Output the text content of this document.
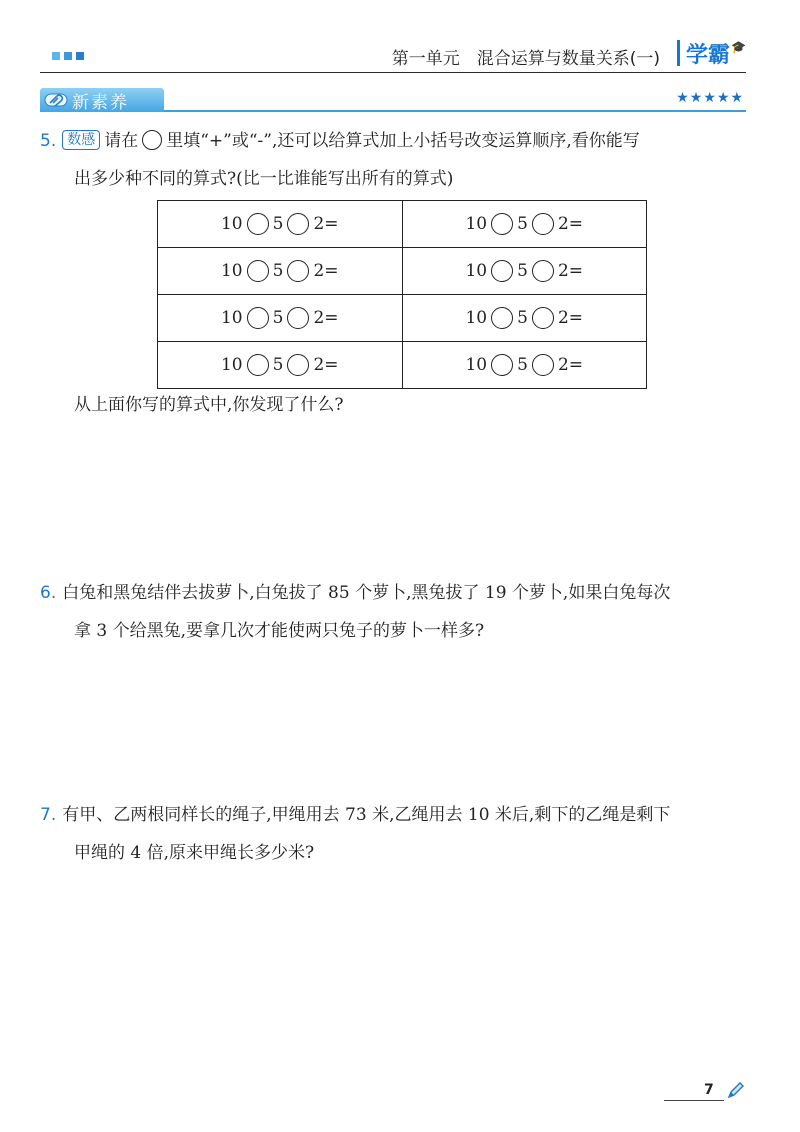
第一单元　混合运算与数量关系(一) 学霸 🎓
新素养	★★★★★
5. 数感 请在 里填“+”或“-”,还可以给算式加上小括号改变运算顺序,看你能写
出多少种不同的算式?(比一比谁能写出所有的算式)
10 5 2=	10 5 2=

10 5 2=	10 5 2=

10 5 2=	10 5 2=

10 5 2=	10 5 2=
从上面你写的算式中,你发现了什么?
6. 白兔和黑兔结伴去拔萝卜,白兔拔了 85 个萝卜,黑兔拔了 19 个萝卜,如果白兔每次
拿 3 个给黑兔,要拿几次才能使两只兔子的萝卜一样多?
7. 有甲、乙两根同样长的绳子,甲绳用去 73 米,乙绳用去 10 米后,剩下的乙绳是剩下
甲绳的 4 倍,原来甲绳长多少米?
7
